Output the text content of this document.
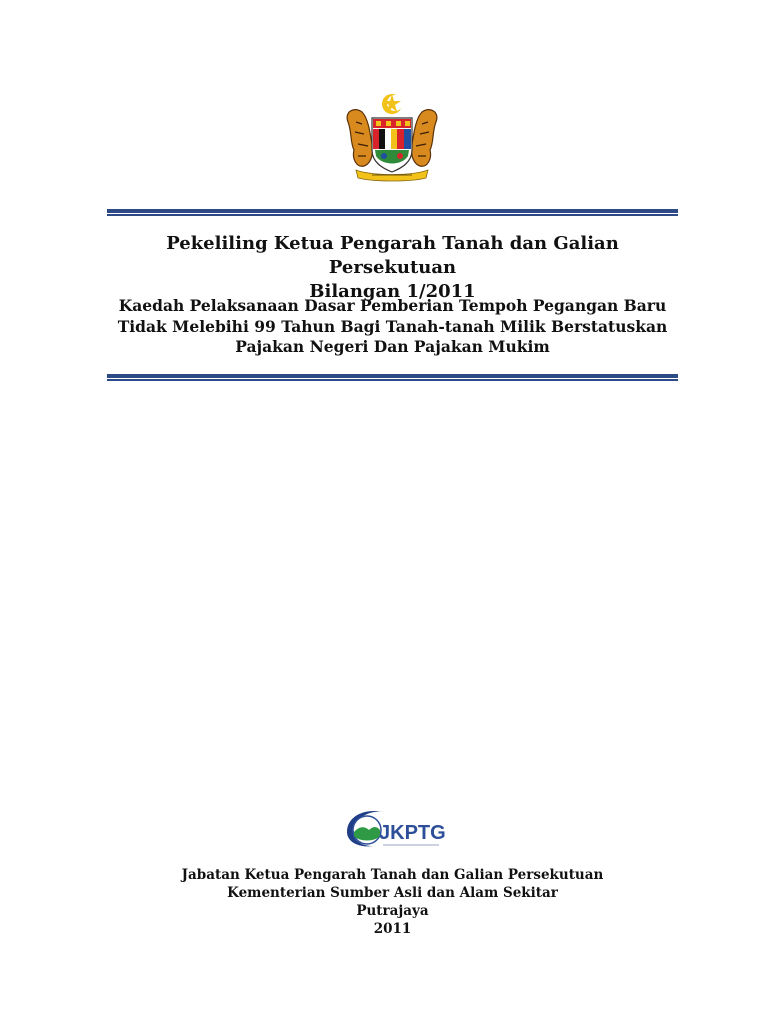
Pekeliling Ketua Pengarah Tanah dan Galian Persekutuan
Bilangan 1/2011
Kaedah Pelaksanaan Dasar Pemberian Tempoh Pegangan Baru
Tidak Melebihi 99 Tahun Bagi Tanah-tanah Milik Berstatuskan
Pajakan Negeri Dan Pajakan Mukim
JKPTG
Jabatan Ketua Pengarah Tanah dan Galian Persekutuan
Kementerian Sumber Asli dan Alam Sekitar
Putrajaya
2011
